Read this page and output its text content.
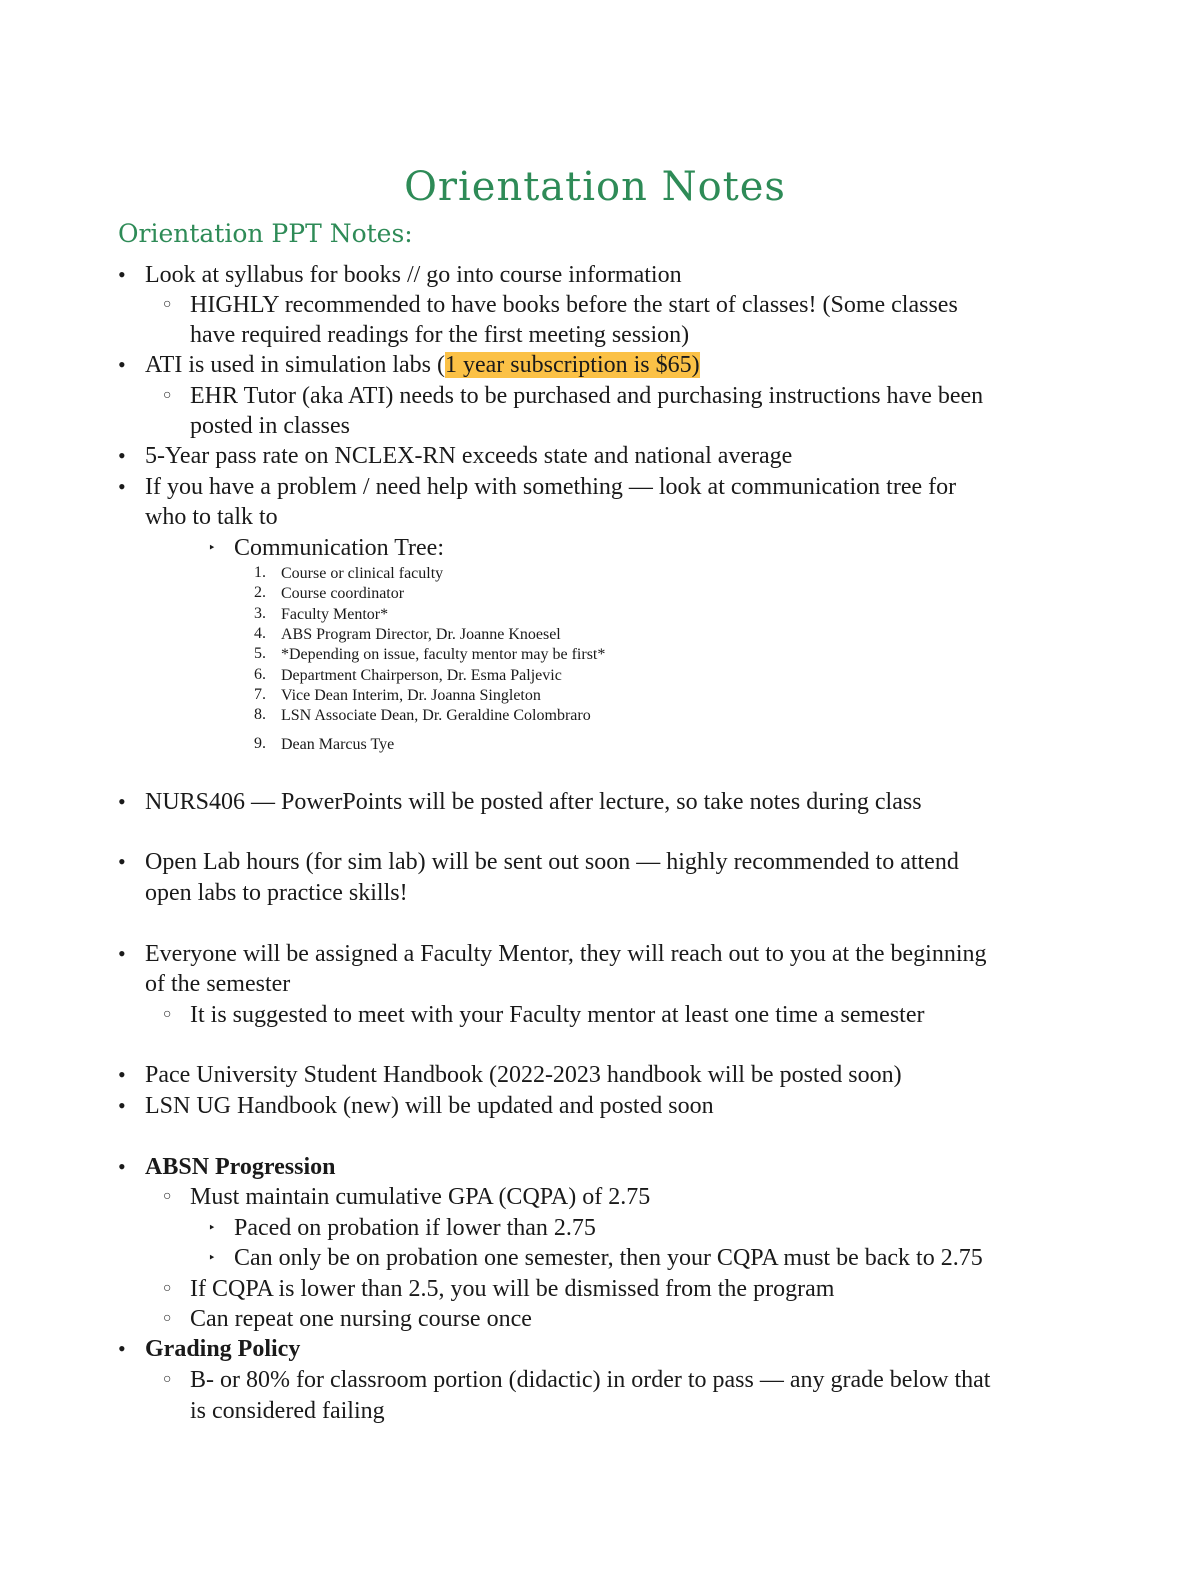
Orientation Notes
Orientation PPT Notes:
• Look at syllabus for books // go into course information
○ HIGHLY recommended to have books before the start of classes! (Some classes
have required readings for the first meeting session)
• ATI is used in simulation labs (1 year subscription is $65)
○ EHR Tutor (aka ATI) needs to be purchased and purchasing instructions have been
posted in classes
• 5-Year pass rate on NCLEX-RN exceeds state and national average
• If you have a problem / need help with something — look at communication tree for
who to talk to
‣ Communication Tree:
1. Course or clinical faculty
2. Course coordinator
3. Faculty Mentor*
4. ABS Program Director, Dr. Joanne Knoesel
5. *Depending on issue, faculty mentor may be first*
6. Department Chairperson, Dr. Esma Paljevic
7. Vice Dean Interim, Dr. Joanna Singleton
8. LSN Associate Dean, Dr. Geraldine Colombraro
9. Dean Marcus Tye
• NURS406 — PowerPoints will be posted after lecture, so take notes during class
• Open Lab hours (for sim lab) will be sent out soon — highly recommended to attend
open labs to practice skills!
• Everyone will be assigned a Faculty Mentor, they will reach out to you at the beginning
of the semester
○ It is suggested to meet with your Faculty mentor at least one time a semester
• Pace University Student Handbook (2022-2023 handbook will be posted soon)
• LSN UG Handbook (new) will be updated and posted soon
• ABSN Progression
○ Must maintain cumulative GPA (CQPA) of 2.75
‣ Paced on probation if lower than 2.75
‣ Can only be on probation one semester, then your CQPA must be back to 2.75
○ If CQPA is lower than 2.5, you will be dismissed from the program
○ Can repeat one nursing course once
• Grading Policy
○ B- or 80% for classroom portion (didactic) in order to pass — any grade below that
is considered failing
